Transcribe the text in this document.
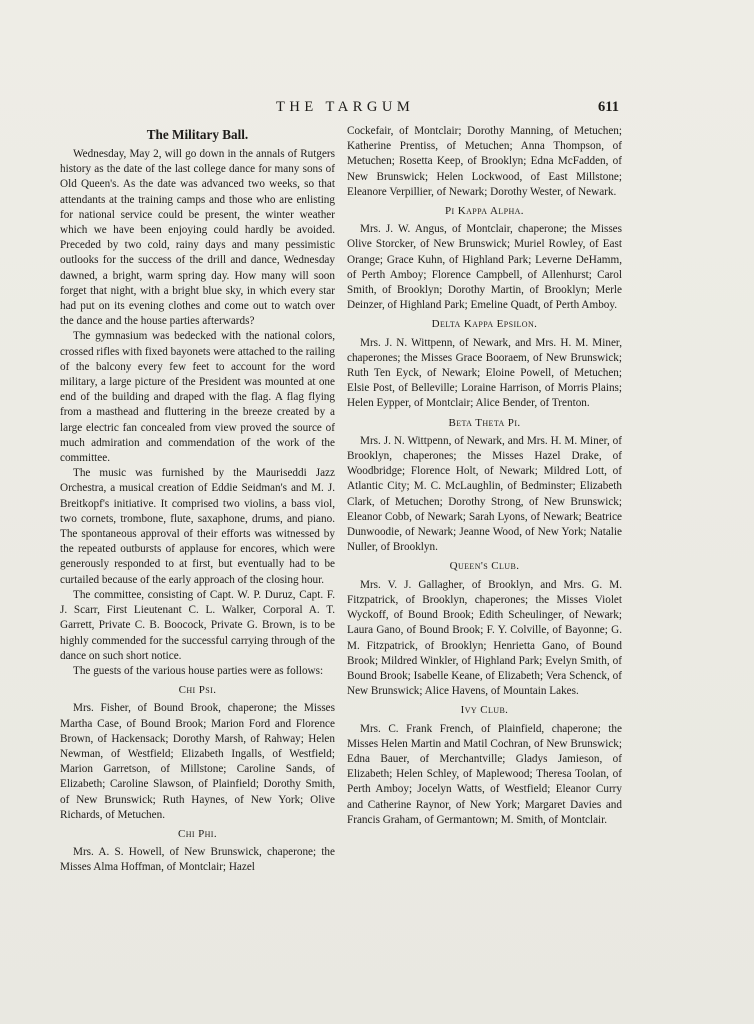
THE TARGUM	611
The Military Ball.

Wednesday, May 2, will go down in the annals of Rutgers history as the date of the last college dance for many sons of Old Queen's. As the date was advanced two weeks, so that attendants at the training camps and those who are enlisting for national service could be present, the winter weather which we have been enjoying could hardly be avoided. Preceded by two cold, rainy days and many pessimistic outlooks for the success of the drill and dance, Wednesday dawned, a bright, warm spring day. How many will soon forget that night, with a bright blue sky, in which every star had put on its evening clothes and come out to watch over the dance and the house parties afterwards?

The gymnasium was bedecked with the national colors, crossed rifles with fixed bayonets were attached to the railing of the balcony every few feet to account for the word military, a large picture of the President was mounted at one end of the building and draped with the flag. A flag flying from a masthead and fluttering in the breeze created by a large electric fan concealed from view proved the source of much admiration and commendation of the work of the committee.

The music was furnished by the Mauriseddi Jazz Orchestra, a musical creation of Eddie Seidman's and M. J. Breitkopf's initiative. It comprised two violins, a bass viol, two cornets, trombone, flute, saxaphone, drums, and piano. The spontaneous approval of their efforts was witnessed by the repeated outbursts of applause for encores, which were generously responded to at first, but eventually had to be curtailed because of the early approach of the closing hour.

The committee, consisting of Capt. W. P. Duruz, Capt. F. J. Scarr, First Lieutenant C. L. Walker, Corporal A. T. Garrett, Private C. B. Boocock, Private G. Brown, is to be highly commended for the successful carrying through of the dance on such short notice.

The guests of the various house parties were as follows:

Chi Psi.

Mrs. Fisher, of Bound Brook, chaperone; the Misses Martha Case, of Bound Brook; Marion Ford and Florence Brown, of Hackensack; Dorothy Marsh, of Rahway; Helen Newman, of Westfield; Elizabeth Ingalls, of Westfield; Marion Garretson, of Millstone; Caroline Sands, of Elizabeth; Caroline Slawson, of Plainfield; Dorothy Smith, of New Brunswick; Ruth Haynes, of New York; Olive Richards, of Metuchen.

Chi Phi.

Mrs. A. S. Howell, of New Brunswick, chaperone; the Misses Alma Hoffman, of Montclair; Hazel

Cockefair, of Montclair; Dorothy Manning, of Metuchen; Katherine Prentiss, of Metuchen; Anna Thompson, of Metuchen; Rosetta Keep, of Brooklyn; Edna McFadden, of New Brunswick; Helen Lockwood, of East Millstone; Eleanore Verpillier, of Newark; Dorothy Wester, of Newark.

Pi Kappa Alpha.

Mrs. J. W. Angus, of Montclair, chaperone; the Misses Olive Storcker, of New Brunswick; Muriel Rowley, of East Orange; Grace Kuhn, of Highland Park; Leverne DeHamm, of Perth Amboy; Florence Campbell, of Allenhurst; Carol Smith, of Brooklyn; Dorothy Martin, of Brooklyn; Merle Deinzer, of Highland Park; Emeline Quadt, of Perth Amboy.

Delta Kappa Epsilon.

Mrs. J. N. Wittpenn, of Newark, and Mrs. H. M. Miner, chaperones; the Misses Grace Booraem, of New Brunswick; Ruth Ten Eyck, of Newark; Eloine Powell, of Metuchen; Elsie Post, of Belleville; Loraine Harrison, of Morris Plains; Helen Eypper, of Montclair; Alice Bender, of Trenton.

Beta Theta Pi.

Mrs. J. N. Wittpenn, of Newark, and Mrs. H. M. Miner, of Brooklyn, chaperones; the Misses Hazel Drake, of Woodbridge; Florence Holt, of Newark; Mildred Lott, of Atlantic City; M. C. McLaughlin, of Bedminster; Elizabeth Clark, of Metuchen; Dorothy Strong, of New Brunswick; Eleanor Cobb, of Newark; Sarah Lyons, of Newark; Beatrice Dunwoodie, of Newark; Jeanne Wood, of New York; Natalie Nuller, of Brooklyn.

Queen's Club.

Mrs. V. J. Gallagher, of Brooklyn, and Mrs. G. M. Fitzpatrick, of Brooklyn, chaperones; the Misses Violet Wyckoff, of Bound Brook; Edith Scheulinger, of Newark; Laura Gano, of Bound Brook; F. Y. Colville, of Bayonne; G. M. Fitzpatrick, of Brooklyn; Henrietta Gano, of Bound Brook; Mildred Winkler, of Highland Park; Evelyn Smith, of Bound Brook; Isabelle Keane, of Elizabeth; Vera Schenck, of New Brunswick; Alice Havens, of Mountain Lakes.

Ivy Club.

Mrs. C. Frank French, of Plainfield, chaperone; the Misses Helen Martin and Matil Cochran, of New Brunswick; Edna Bauer, of Merchantville; Gladys Jamieson, of Elizabeth; Helen Schley, of Maplewood; Theresa Toolan, of Perth Amboy; Jocelyn Watts, of Westfield; Eleanor Curry and Catherine Raynor, of New York; Margaret Davies and Francis Graham, of Germantown; M. Smith, of Montclair.
